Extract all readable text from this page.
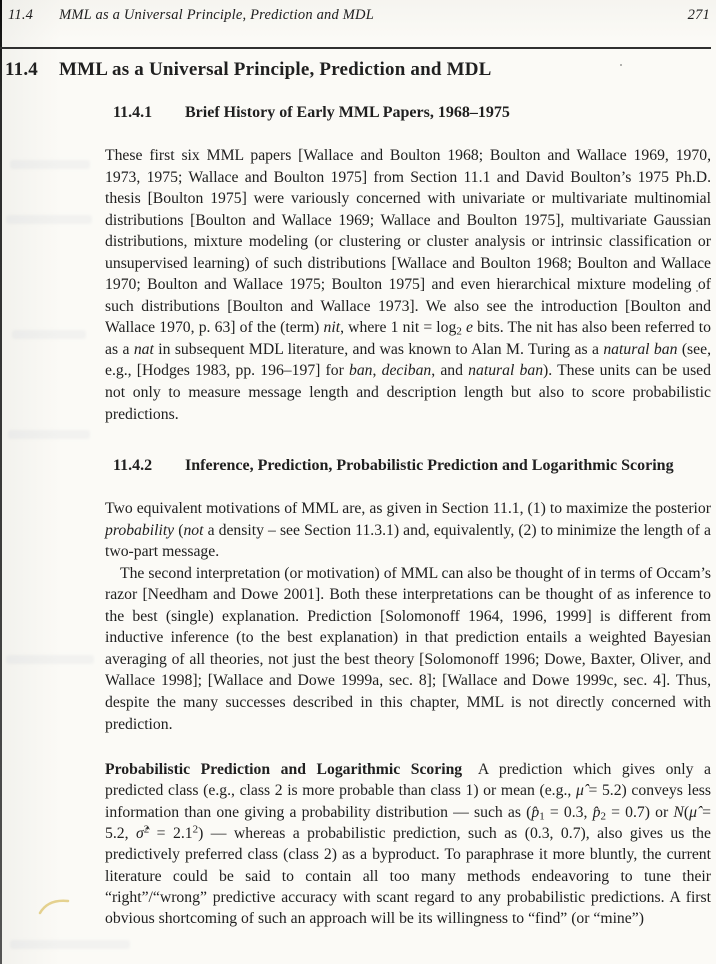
11.4 MML as a Universal Principle, Prediction and MDL	271
11.4 MML as a Universal Principle, Prediction and MDL
11.4.1	Brief History of Early MML Papers, 1968–1975
These first six MML papers [Wallace and Boulton 1968; Boulton and Wallace 1969, 1970, 1973, 1975; Wallace and Boulton 1975] from Section 11.1 and David Boulton’s 1975 Ph.D. thesis [Boulton 1975] were variously concerned with univariate or multivariate multinomial distributions [Boulton and Wallace 1969; Wallace and Boulton 1975], multivariate Gaussian distributions, mixture modeling (or clustering or cluster analysis or intrinsic classification or unsupervised learning) of such distributions [Wallace and Boulton 1968; Boulton and Wallace 1970; Boulton and Wallace 1975; Boulton 1975] and even hierarchical mixture modeling of such distributions [Boulton and Wallace 1973]. We also see the introduction [Boulton and Wallace 1970, p. 63] of the (term) nit, where 1 nit = $\log_2 e$ bits. The nit has also been referred to as a nat in subsequent MDL literature, and was known to Alan M. Turing as a natural ban (see, e.g., [Hodges 1983, pp. 196–197] for ban, deciban, and natural ban). These units can be used not only to measure message length and description length but also to score probabilistic predictions.
11.4.2	Inference, Prediction, Probabilistic Prediction and Logarithmic Scoring
Two equivalent motivations of MML are, as given in Section 11.1, (1) to maximize the posterior probability (not a density – see Section 11.3.1) and, equivalently, (2) to minimize the length of a two-part message.
The second interpretation (or motivation) of MML can also be thought of in terms of Occam’s razor [Needham and Dowe 2001]. Both these interpretations can be thought of as inference to the best (single) explanation. Prediction [Solomonoff 1964, 1996, 1999] is different from inductive inference (to the best explanation) in that prediction entails a weighted Bayesian averaging of all theories, not just the best theory [Solomonoff 1996; Dowe, Baxter, Oliver, and Wallace 1998]; [Wallace and Dowe 1999a, sec. 8]; [Wallace and Dowe 1999c, sec. 4]. Thus, despite the many successes described in this chapter, MML is not directly concerned with prediction.
Probabilistic Prediction and Logarithmic Scoring A prediction which gives only a predicted class (e.g., class 2 is more probable than class 1) or mean (e.g., μ̂ = 5.2) conveys less information than one giving a probability distribution — such as ($p̂_1 = 0.3$, $p̂_2 = 0.7$) or N(μ̂ = 5.2, σ̂$^2$ = $2.1^2$) — whereas a probabilistic prediction, such as (0.3, 0.7), also gives us the predictively preferred class (class 2) as a byproduct. To paraphrase it more bluntly, the current literature could be said to contain all too many methods endeavoring to tune their “right”/“wrong” predictive accuracy with scant regard to any probabilistic predictions. A first obvious shortcoming of such an approach will be its willingness to “find” (or “mine”)
